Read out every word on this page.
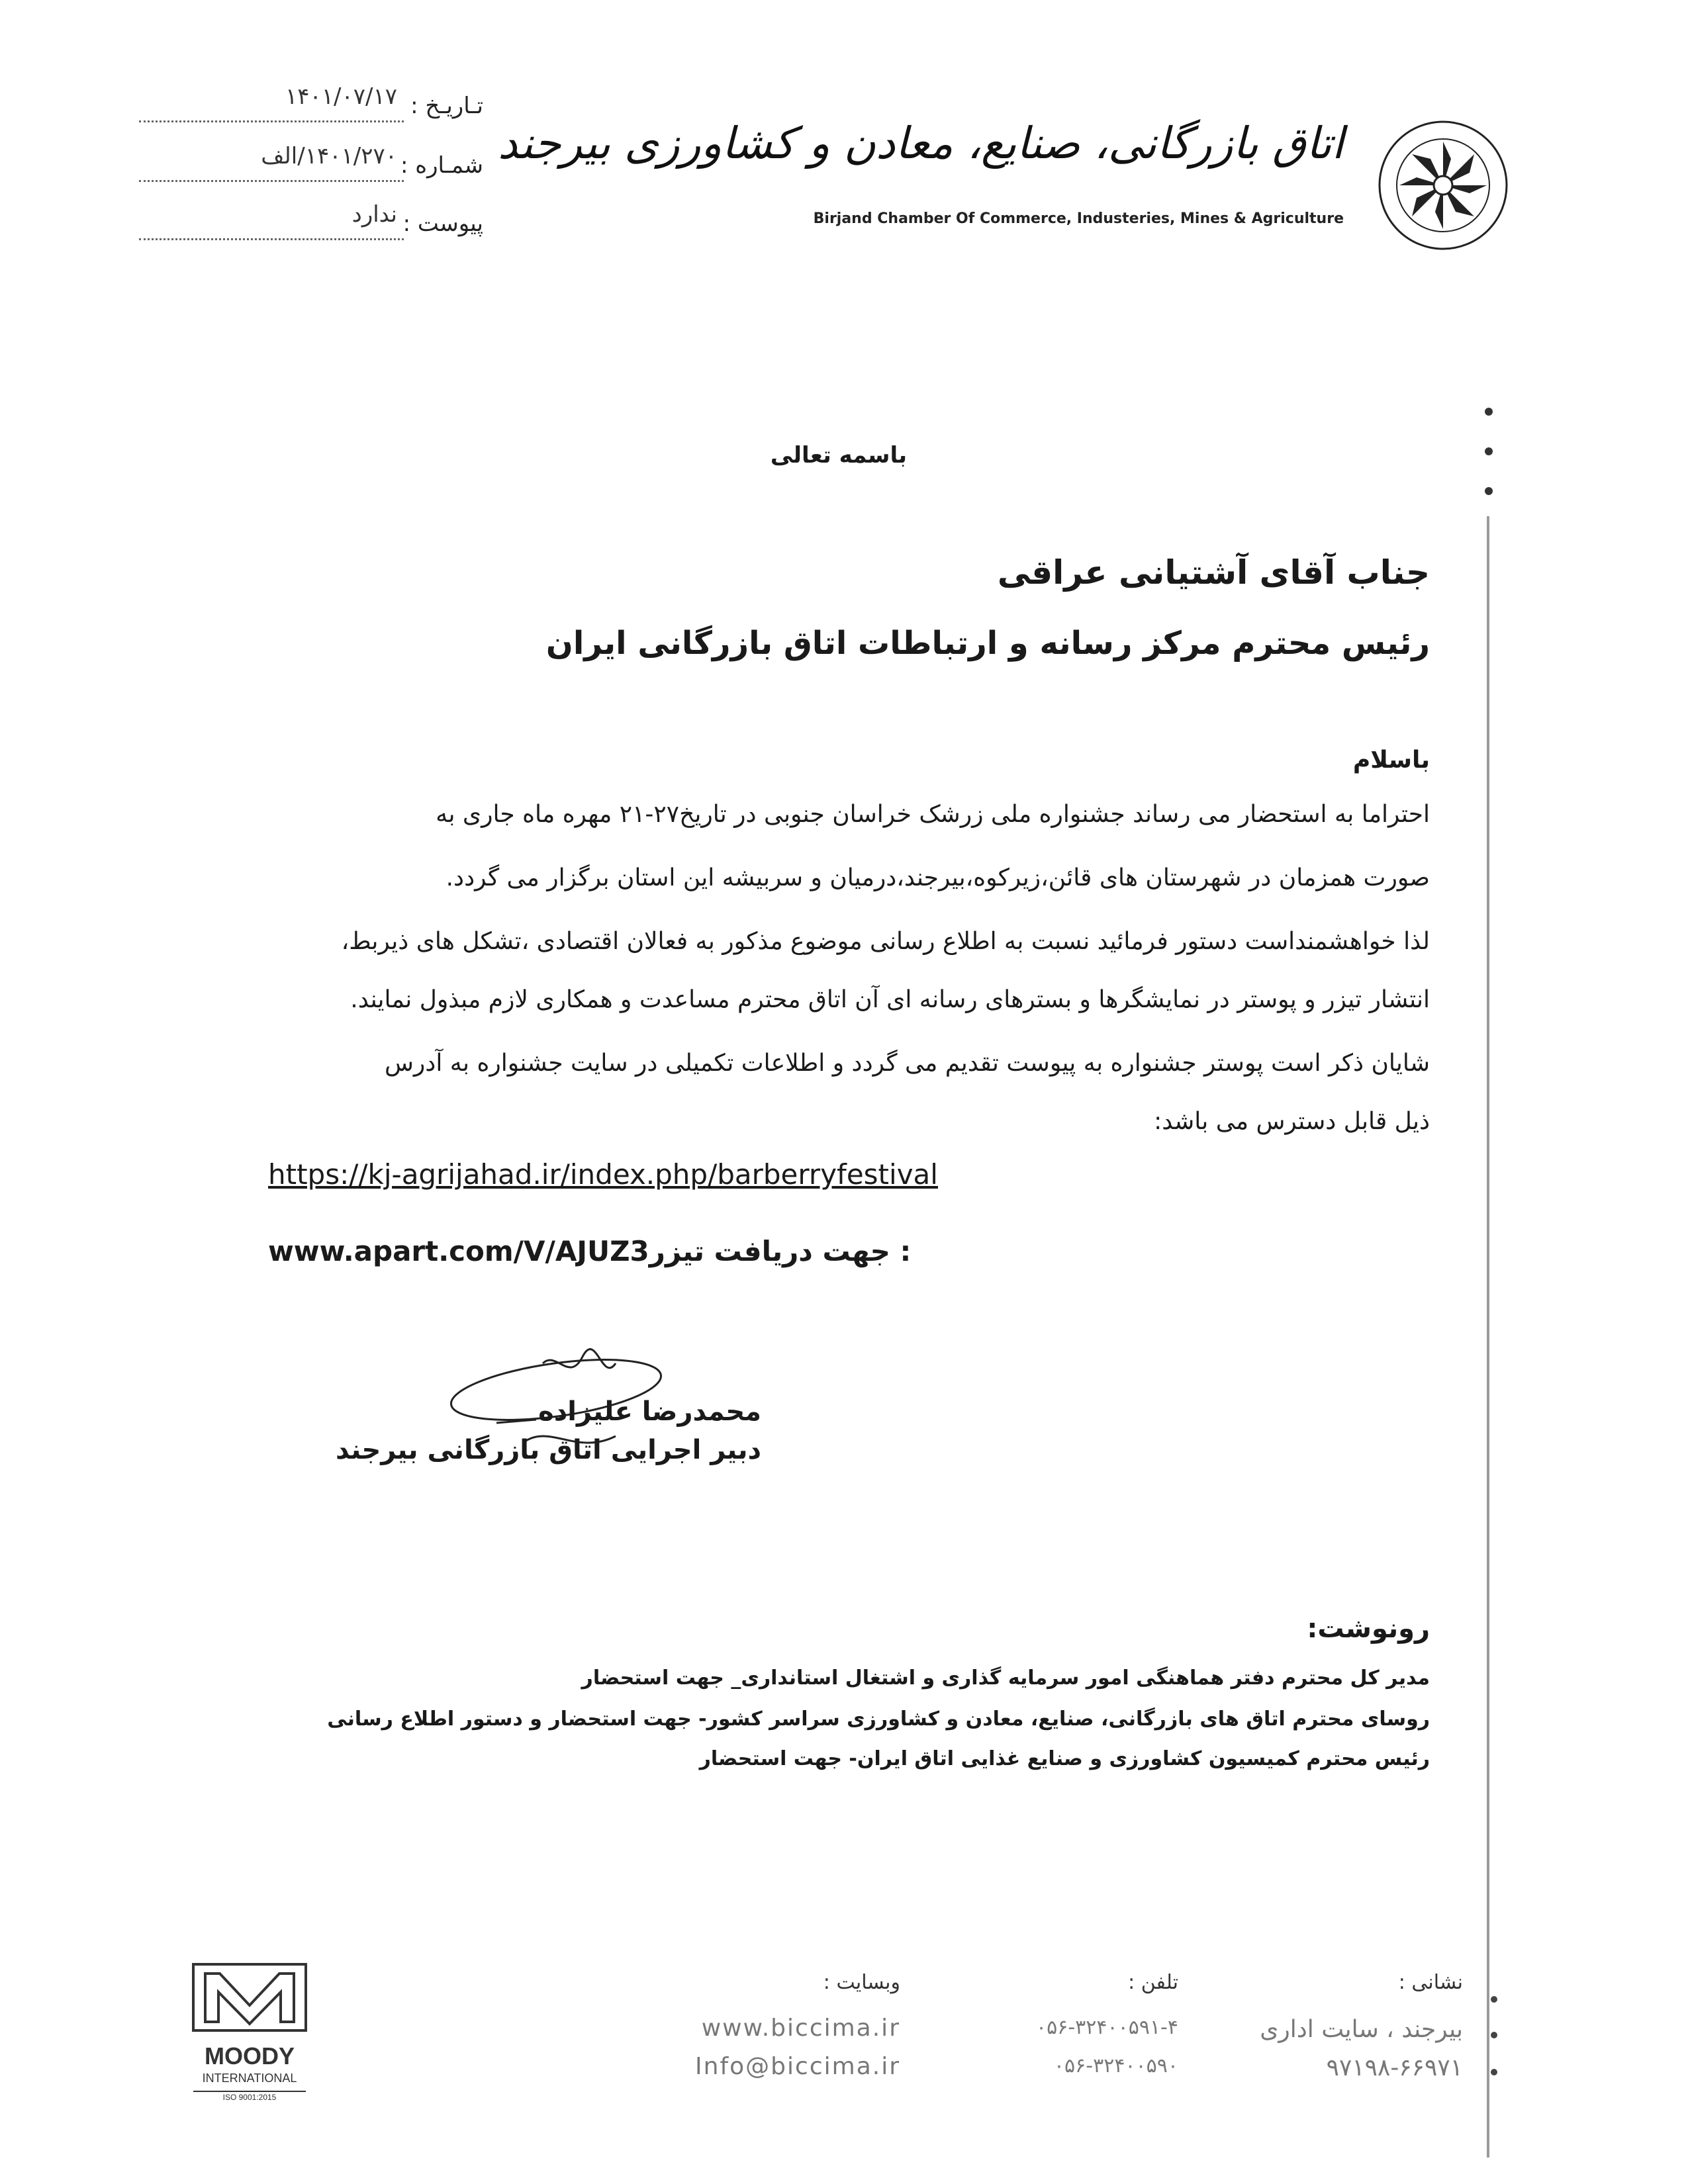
۱۴۰۱/۰۷/۱۷ تـاریـخ :
۱۴۰۱/۲۷۰/الف شمـاره :
ندارد پیوست :
اتاق بازرگانی، صنایع، معادن و کشاورزی بیرجند
Birjand Chamber Of Commerce, Industeries, Mines & Agriculture
باسمه تعالی
جناب آقای آشتیانی عراقی
رئیس محترم مرکز رسانه و ارتباطات اتاق بازرگانی ایران
باسلام
احتراما به استحضار می رساند جشنواره ملی زرشک خراسان جنوبی در تاریخ۲۷-۲۱ مهره ماه جاری به
صورت همزمان در شهرستان های قائن،زیرکوه،بیرجند،درمیان و سربیشه این استان برگزار می گردد.
لذا خواهشمنداست دستور فرمائید نسبت به اطلاع رسانی موضوع مذکور به فعالان اقتصادی ،تشکل های ذیربط،
انتشار تیزر و پوستر در نمایشگرها و بسترهای رسانه ای آن اتاق محترم مساعدت و همکاری لازم مبذول نمایند.
شایان ذکر است پوستر جشنواره به پیوست تقدیم می گردد و اطلاعات تکمیلی در سایت جشنواره به آدرس
ذیل قابل دسترس می باشد:
https://kj-agrijahad.ir/index.php/barberryfestival
www.apart.com/V/AJUZ3: جهت دریافت تیزر
محمدرضا علیزاده
دبیر اجرایی اتاق بازرگانی بیرجند
رونوشت:
مدیر کل محترم دفتر هماهنگی امور سرمایه گذاری و اشتغال استانداری_ جهت استحضار
روسای محترم اتاق های بازرگانی، صنایع، معادن و کشاورزی سراسر کشور- جهت استحضار و دستور اطلاع رسانی
رئیس محترم کمیسیون کشاورزی و صنایع غذایی اتاق ایران- جهت استحضار
نشانی :
بیرجند ، سایت اداری
۹۷۱۹۸-۶۶۹۷۱
تلفن :
۰۵۶-۳۲۴۰۰۵۹۱-۴
۰۵۶-۳۲۴۰۰۵۹۰
وبسایت :
www.biccima.ir
Info@biccima.ir
MOODY
INTERNATIONAL
ISO 9001:2015
